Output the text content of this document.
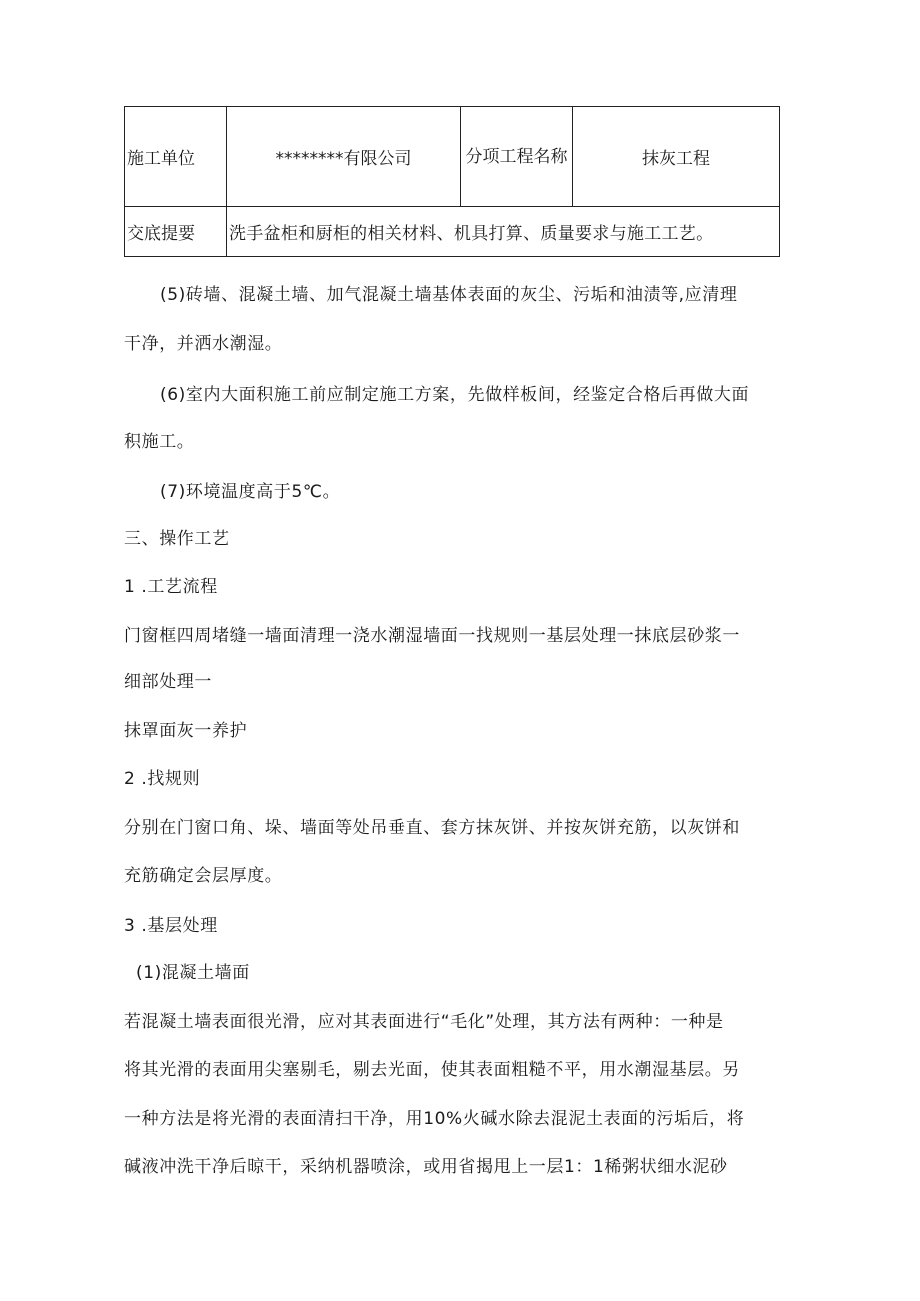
施工单位	********有限公司	分项工程名称	抹灰工程
交底提要	洗手盆柜和厨柜的相关材料、机具打算、质量要求与施工工艺。		
(5)砖墙、混凝土墙、加气混凝土墙基体表面的灰尘、污垢和油渍等,应清理
干净，并洒水潮湿。
(6)室内大面积施工前应制定施工方案，先做样板间，经鉴定合格后再做大面
积施工。
(7)环境温度高于5℃。
三、操作工艺
1 .工艺流程
门窗框四周堵缝一墙面清理一浇水潮湿墙面一找规则一基层处理一抹底层砂浆一
细部处理一
抹罩面灰一养护
2 .找规则
分别在门窗口角、垛、墙面等处吊垂直、套方抹灰饼、并按灰饼充筋，以灰饼和
充筋确定会层厚度。
3 .基层处理
(1)混凝土墙面
若混凝土墙表面很光滑，应对其表面进行“毛化”处理，其方法有两种：一种是
将其光滑的表面用尖塞剔毛，剔去光面，使其表面粗糙不平，用水潮湿基层。另
一种方法是将光滑的表面清扫干净，用10%火碱水除去混泥土表面的污垢后，将
碱液冲洗干净后晾干，采纳机器喷涂，或用省揭甩上一层1：1稀粥状细水泥砂
